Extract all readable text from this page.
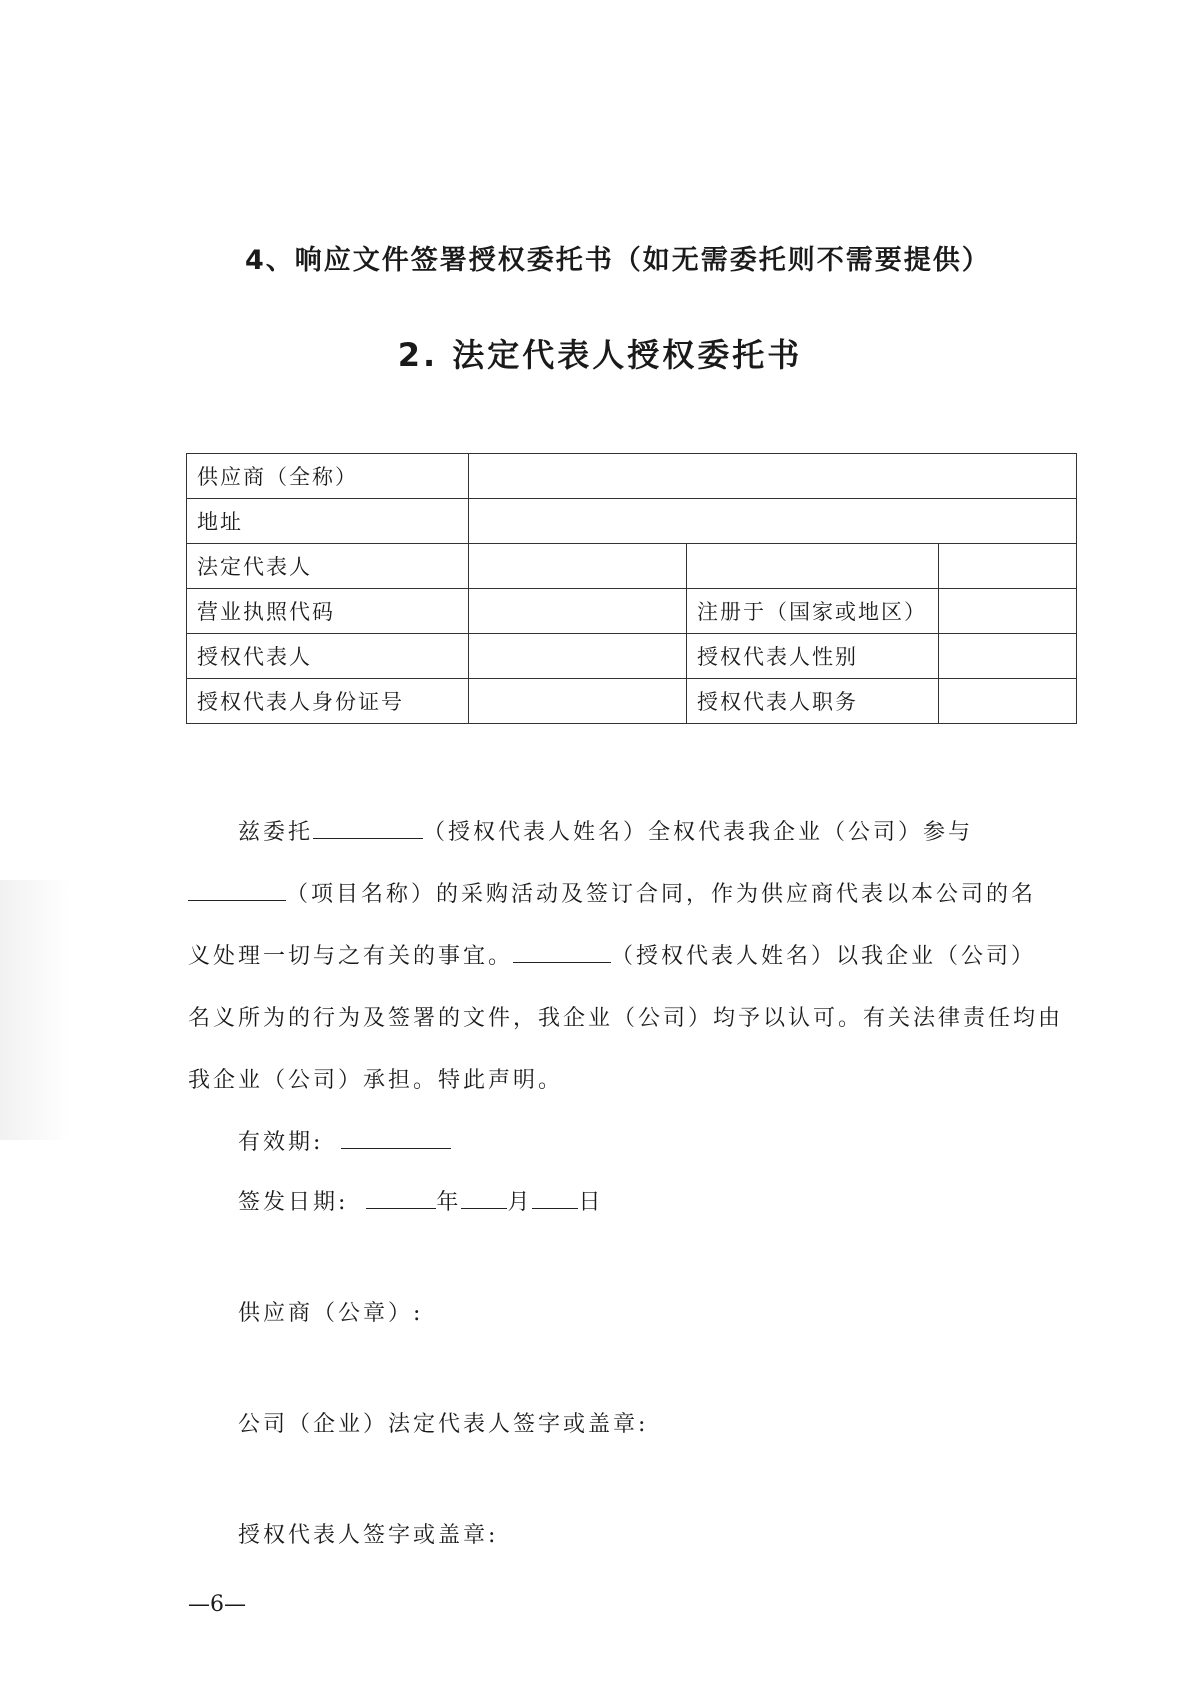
4、响应文件签署授权委托书（如无需委托则不需要提供）
2. 法定代表人授权委托书
供应商（全称）			
地址			
法定代表人			
营业执照代码		注册于（国家或地区）	
授权代表人		授权代表人性别	
授权代表人身份证号		授权代表人职务	
兹委托	（授权代表人姓名）全权代表我企业（公司）参与
（项目名称）的采购活动及签订合同，作为供应商代表以本公司的名
义处理一切与之有关的事宜。	（授权代表人姓名）以我企业（公司）
名义所为的行为及签署的文件，我企业（公司）均予以认可。有关法律责任均由
我企业（公司）承担。特此声明。
有效期:
签发日期:	年 月 日
供应商（公章）:
公司（企业）法定代表人签字或盖章:
授权代表人签字或盖章:
—6—
